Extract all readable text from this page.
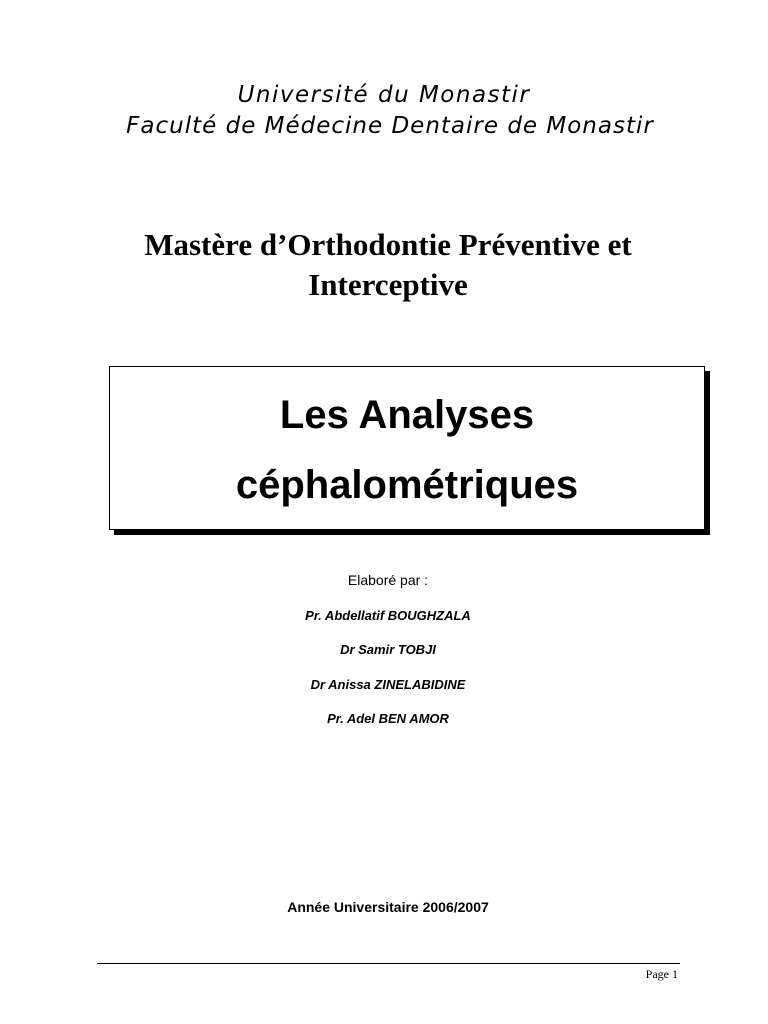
Université du Monastir
Faculté de Médecine Dentaire de Monastir
Mastère d’Orthodontie Préventive et
Interceptive
Les Analyses
céphalométriques
Elaboré par :
Pr. Abdellatif BOUGHZALA
Dr Samir TOBJI
Dr Anissa ZINELABIDINE
Pr. Adel BEN AMOR
Année Universitaire 2006/2007
Page 1
